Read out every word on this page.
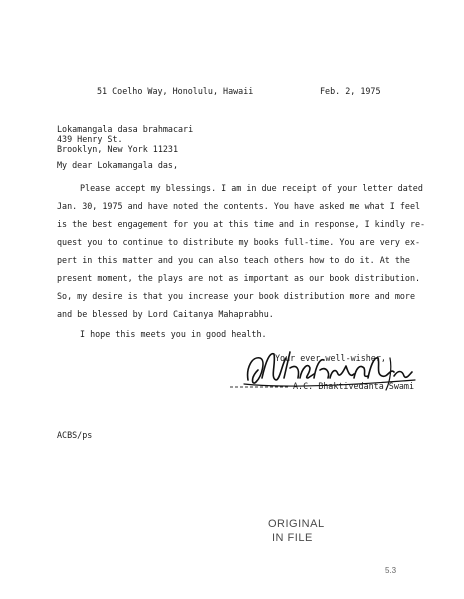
51 Coelho Way, Honolulu, Hawaii	Feb. 2, 1975
Lokamangala dasa brahmacari
439 Henry St.
Brooklyn, New York 11231
My dear Lokamangala das,
Please accept my blessings. I am in due receipt of your letter dated
Jan. 30, 1975 and have noted the contents. You have asked me what I feel
is the best engagement for you at this time and in response, I kindly re-
quest you to continue to distribute my books full-time. You are very ex-
pert in this matter and you can also teach others how to do it. At the
present moment, the plays are not as important as our book distribution.
So, my desire is that you increase your book distribution more and more
and be blessed by Lord Caitanya Mahaprabhu.
I hope this meets you in good health.
Your ever well-wisher,
A.C. Bhaktivedanta Swami
ACBS/ps
ORIGINAL
IN FILE
5.3
